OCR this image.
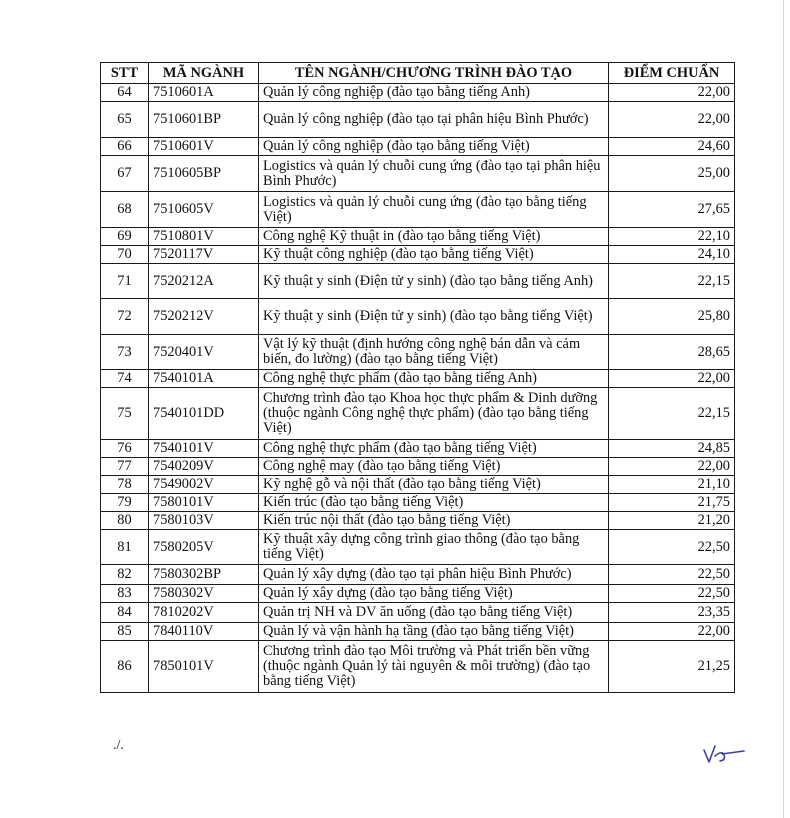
STT	MÃ NGÀNH	TÊN NGÀNH/CHƯƠNG TRÌNH ĐÀO TẠO	ĐIỂM CHUẨN
64	7510601A	Quản lý công nghiệp (đào tạo bằng tiếng Anh)	22,00
65	7510601BP	Quản lý công nghiệp (đào tạo tại phân hiệu Bình Phước)	22,00
66	7510601V	Quản lý công nghiệp (đào tạo bằng tiếng Việt)	24,60
67	7510605BP	Logistics và quản lý chuỗi cung ứng (đào tạo tại phân hiệu Bình Phước)	25,00
68	7510605V	Logistics và quản lý chuỗi cung ứng (đào tạo bằng tiếng Việt)	27,65
69	7510801V	Công nghệ Kỹ thuật in (đào tạo bằng tiếng Việt)	22,10
70	7520117V	Kỹ thuật công nghiệp (đào tạo bằng tiếng Việt)	24,10
71	7520212A	Kỹ thuật y sinh (Điện tử y sinh) (đào tạo bằng tiếng Anh)	22,15
72	7520212V	Kỹ thuật y sinh (Điện tử y sinh) (đào tạo bằng tiếng Việt)	25,80
73	7520401V	Vật lý kỹ thuật (định hướng công nghệ bán dẫn và cảm biến, đo lường) (đào tạo bằng tiếng Việt)	28,65
74	7540101A	Công nghệ thực phẩm (đào tạo bằng tiếng Anh)	22,00
75	7540101DD	Chương trình đào tạo Khoa học thực phẩm & Dinh dưỡng (thuộc ngành Công nghệ thực phẩm) (đào tạo bằng tiếng Việt)	22,15
76	7540101V	Công nghệ thực phẩm (đào tạo bằng tiếng Việt)	24,85
77	7540209V	Công nghệ may (đào tạo bằng tiếng Việt)	22,00
78	7549002V	Kỹ nghệ gỗ và nội thất (đào tạo bằng tiếng Việt)	21,10
79	7580101V	Kiến trúc (đào tạo bằng tiếng Việt)	21,75
80	7580103V	Kiến trúc nội thất (đào tạo bằng tiếng Việt)	21,20
81	7580205V	Kỹ thuật xây dựng công trình giao thông (đào tạo bằng tiếng Việt)	22,50
82	7580302BP	Quản lý xây dựng (đào tạo tại phân hiệu Bình Phước)	22,50
83	7580302V	Quản lý xây dựng (đào tạo bằng tiếng Việt)	22,50
84	7810202V	Quản trị NH và DV ăn uống (đào tạo bằng tiếng Việt)	23,35
85	7840110V	Quản lý và vận hành hạ tầng (đào tạo bằng tiếng Việt)	22,00
86	7850101V	Chương trình đào tạo Môi trường và Phát triển bền vững (thuộc ngành Quản lý tài nguyên & môi trường) (đào tạo bằng tiếng Việt)	21,25
./.
